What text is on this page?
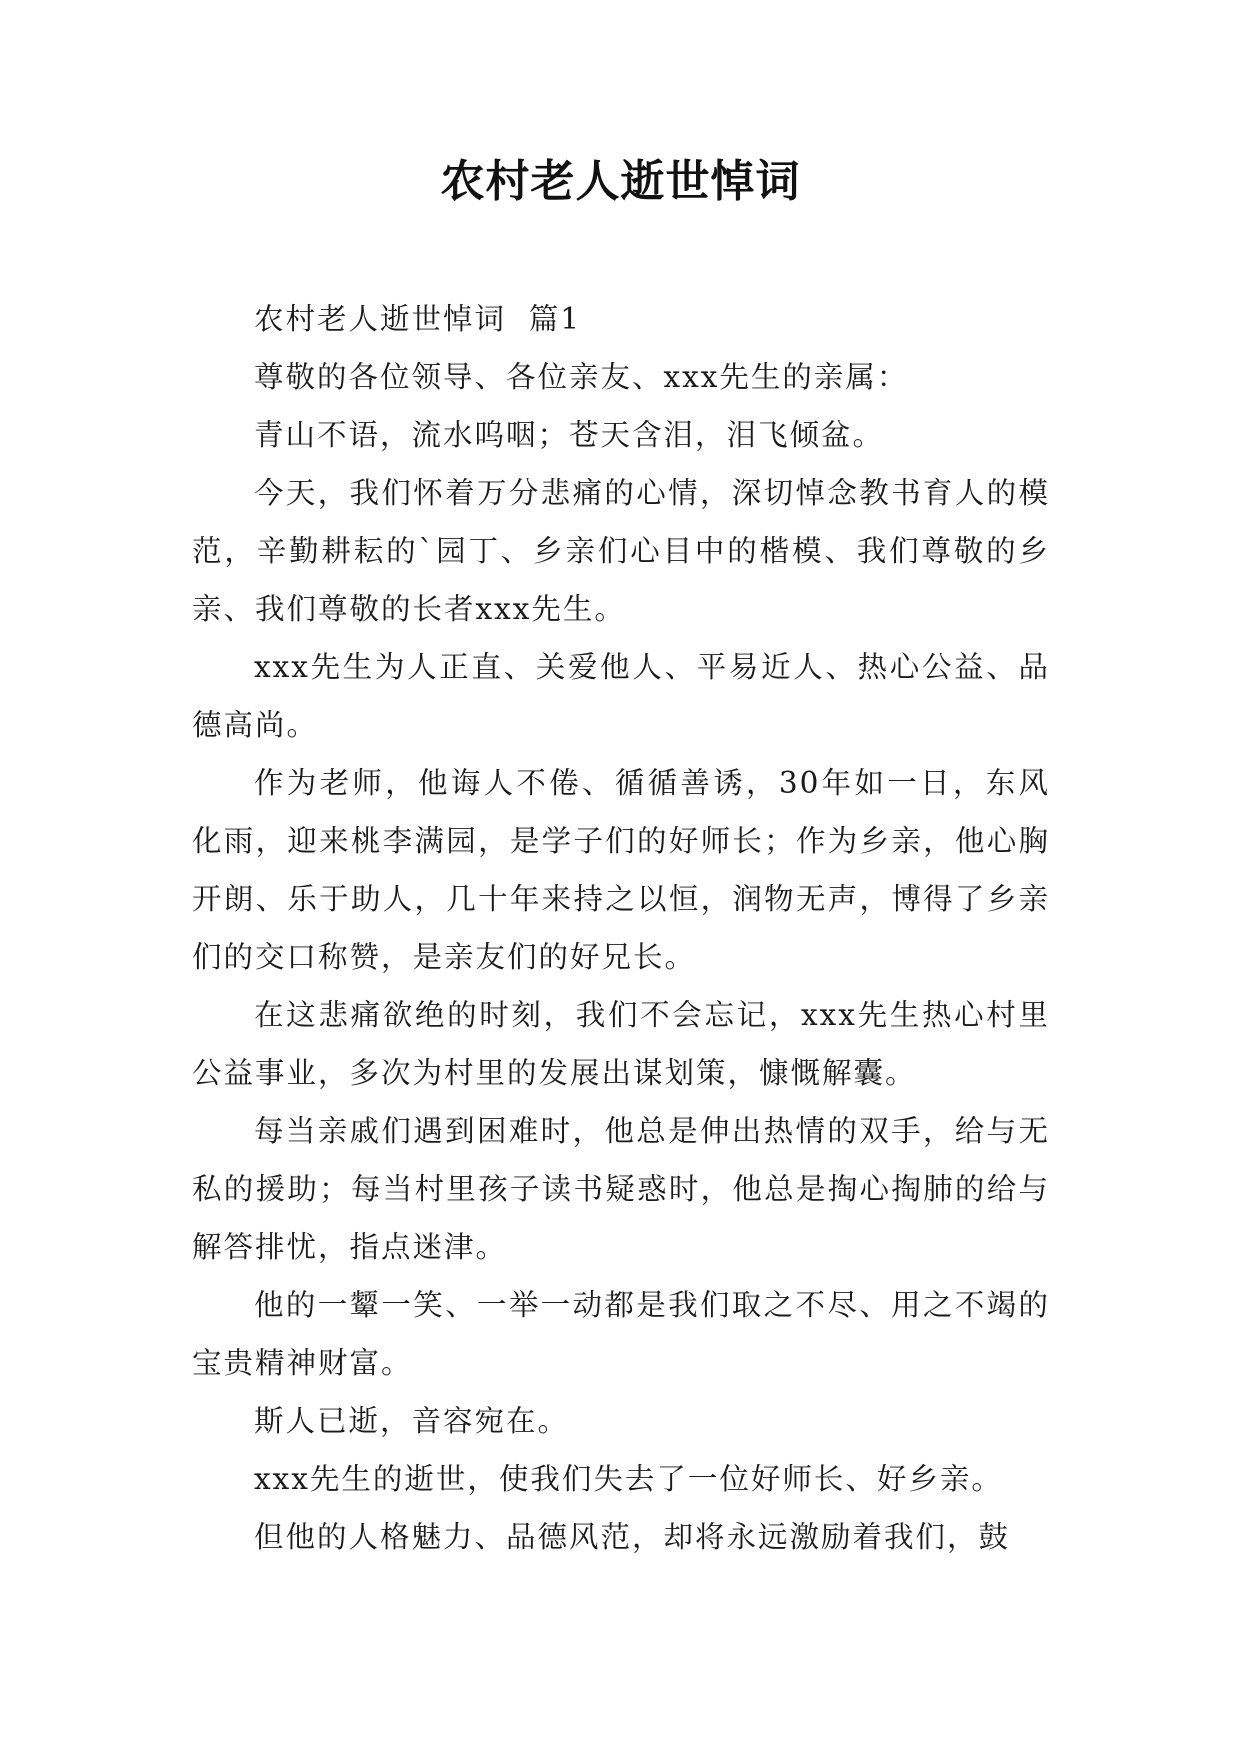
农村老人逝世悼词

农村老人逝世悼词  篇1

尊敬的各位领导、各位亲友、xxx先生的亲属：

青山不语，流水呜咽；苍天含泪，泪飞倾盆。

今天，我们怀着万分悲痛的心情，深切悼念教书育人的模范，辛勤耕耘的`园丁、乡亲们心目中的楷模、我们尊敬的乡亲、我们尊敬的长者xxx先生。

xxx先生为人正直、关爱他人、平易近人、热心公益、品德高尚。

作为老师，他诲人不倦、循循善诱，30年如一日，东风化雨，迎来桃李满园，是学子们的好师长；作为乡亲，他心胸开朗、乐于助人，几十年来持之以恒，润物无声，博得了乡亲们的交口称赞，是亲友们的好兄长。

在这悲痛欲绝的时刻，我们不会忘记，xxx先生热心村里公益事业，多次为村里的发展出谋划策，慷慨解囊。

每当亲戚们遇到困难时，他总是伸出热情的双手，给与无私的援助；每当村里孩子读书疑惑时，他总是掏心掏肺的给与解答排忧，指点迷津。

他的一颦一笑、一举一动都是我们取之不尽、用之不竭的宝贵精神财富。

斯人已逝，音容宛在。

xxx先生的逝世，使我们失去了一位好师长、好乡亲。

但他的人格魅力、品德风范，却将永远激励着我们，鼓
